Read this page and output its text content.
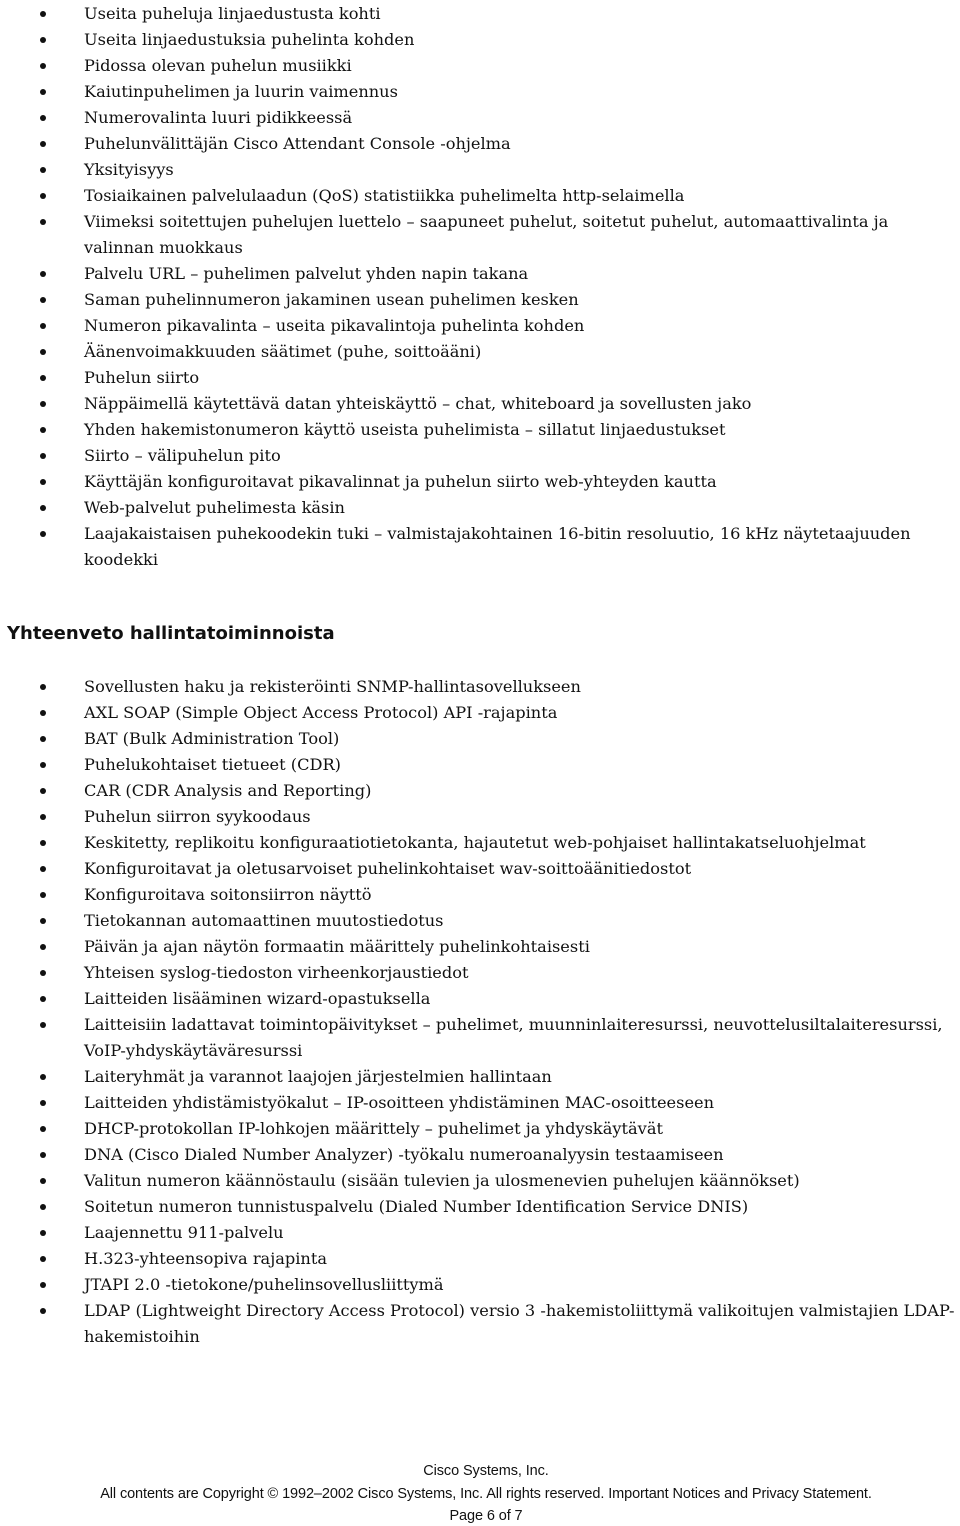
Useita puheluja linjaedustusta kohti
Useita linjaedustuksia puhelinta kohden
Pidossa olevan puhelun musiikki
Kaiutinpuhelimen ja luurin vaimennus
Numerovalinta luuri pidikkeessä
Puhelunvälittäjän Cisco Attendant Console -ohjelma
Yksityisyys
Tosiaikainen palvelulaadun (QoS) statistiikka puhelimelta http-selaimella
Viimeksi soitettujen puhelujen luettelo – saapuneet puhelut, soitetut puhelut, automaattivalinta ja valinnan muokkaus
Palvelu URL – puhelimen palvelut yhden napin takana
Saman puhelinnumeron jakaminen usean puhelimen kesken
Numeron pikavalinta – useita pikavalintoja puhelinta kohden
Äänenvoimakkuuden säätimet (puhe, soittoääni)
Puhelun siirto
Näppäimellä käytettävä datan yhteiskäyttö – chat, whiteboard ja sovellusten jako
Yhden hakemistonumeron käyttö useista puhelimista – sillatut linjaedustukset
Siirto – välipuhelun pito
Käyttäjän konfiguroitavat pikavalinnat ja puhelun siirto web-yhteyden kautta
Web-palvelut puhelimesta käsin
Laajakaistaisen puhekoodekin tuki – valmistajakohtainen 16-bitin resoluutio, 16 kHz näytetaajuuden koodekki
Yhteenveto hallintatoiminnoista
Sovellusten haku ja rekisteröinti SNMP-hallintasovellukseen
AXL SOAP (Simple Object Access Protocol) API -rajapinta
BAT (Bulk Administration Tool)
Puhelukohtaiset tietueet (CDR)
CAR (CDR Analysis and Reporting)
Puhelun siirron syykoodaus
Keskitetty, replikoitu konfiguraatiotietokanta, hajautetut web-pohjaiset hallintakatseluohjelmat
Konfiguroitavat ja oletusarvoiset puhelinkohtaiset wav-soittoäänitiedostot
Konfiguroitava soitonsiirron näyttö
Tietokannan automaattinen muutostiedotus
Päivän ja ajan näytön formaatin määrittely puhelinkohtaisesti
Yhteisen syslog-tiedoston virheenkorjaustiedot
Laitteiden lisääminen wizard-opastuksella
Laitteisiin ladattavat toimintopäivitykset – puhelimet, muunninlaiteresurssi, neuvottelusiltalaiteresurssi, VoIP-yhdyskäytäväresurssi
Laiteryhmät ja varannot laajojen järjestelmien hallintaan
Laitteiden yhdistämistyökalut – IP-osoitteen yhdistäminen MAC-osoitteeseen
DHCP-protokollan IP-lohkojen määrittely – puhelimet ja yhdyskäytävät
DNA (Cisco Dialed Number Analyzer) -työkalu numeroanalyysin testaamiseen
Valitun numeron käännöstaulu (sisään tulevien ja ulosmenevien puhelujen käännökset)
Soitetun numeron tunnistuspalvelu (Dialed Number Identification Service DNIS)
Laajennettu 911-palvelu
H.323-yhteensopiva rajapinta
JTAPI 2.0 -tietokone/puhelinsovellusliittymä
LDAP (Lightweight Directory Access Protocol) versio 3 -hakemistoliittymä valikoitujen valmistajien LDAP-hakemistoihin
Cisco Systems, Inc.
All contents are Copyright © 1992–2002 Cisco Systems, Inc. All rights reserved. Important Notices and Privacy Statement.
Page 6 of 7
